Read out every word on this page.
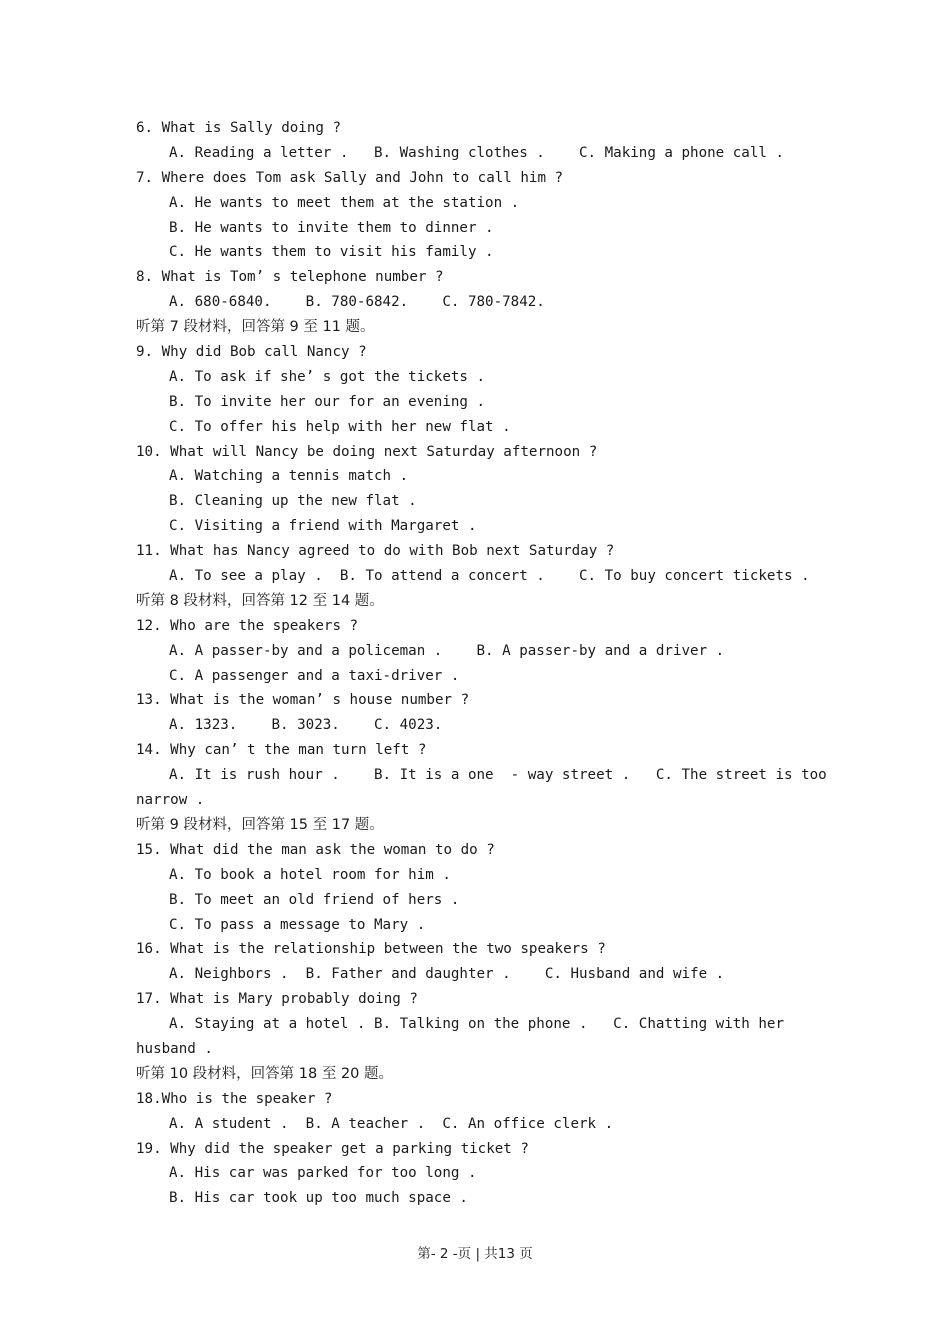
6. What is Sally doing ?
A. Reading a letter .   B. Washing clothes .    C. Making a phone call .
7. Where does Tom ask Sally and John to call him ?
A. He wants to meet them at the station .
B. He wants to invite them to dinner .
C. He wants them to visit his family .
8. What is Tom’ s telephone number ?
A. 680-6840.    B. 780-6842.    C. 780-7842.
听第 7 段材料，回答第 9 至 11 题。
9. Why did Bob call Nancy ?
A. To ask if she’ s got the tickets .
B. To invite her our for an evening .
C. To offer his help with her new flat .
10. What will Nancy be doing next Saturday afternoon ?
A. Watching a tennis match .
B. Cleaning up the new flat .
C. Visiting a friend with Margaret .
11. What has Nancy agreed to do with Bob next Saturday ?
A. To see a play .  B. To attend a concert .    C. To buy concert tickets .
听第 8 段材料，回答第 12 至 14 题。
12. Who are the speakers ?
A. A passer-by and a policeman .    B. A passer-by and a driver .
C. A passenger and a taxi-driver .
13. What is the woman’ s house number ?
A. 1323.    B. 3023.    C. 4023.
14. Why can’ t the man turn left ?
A. It is rush hour .    B. It is a one  - way street .   C. The street is too
narrow .
听第 9 段材料，回答第 15 至 17 题。
15. What did the man ask the woman to do ?
A. To book a hotel room for him .
B. To meet an old friend of hers .
C. To pass a message to Mary .
16. What is the relationship between the two speakers ?
A. Neighbors .  B. Father and daughter .    C. Husband and wife .
17. What is Mary probably doing ?
A. Staying at a hotel . B. Talking on the phone .   C. Chatting with her
husband .
听第 10 段材料，回答第 18 至 20 题。
18.Who is the speaker ?
A. A student .  B. A teacher .  C. An office clerk .
19. Why did the speaker get a parking ticket ?
A. His car was parked for too long .
B. His car took up too much space .
第- 2 -页 | 共13 页
